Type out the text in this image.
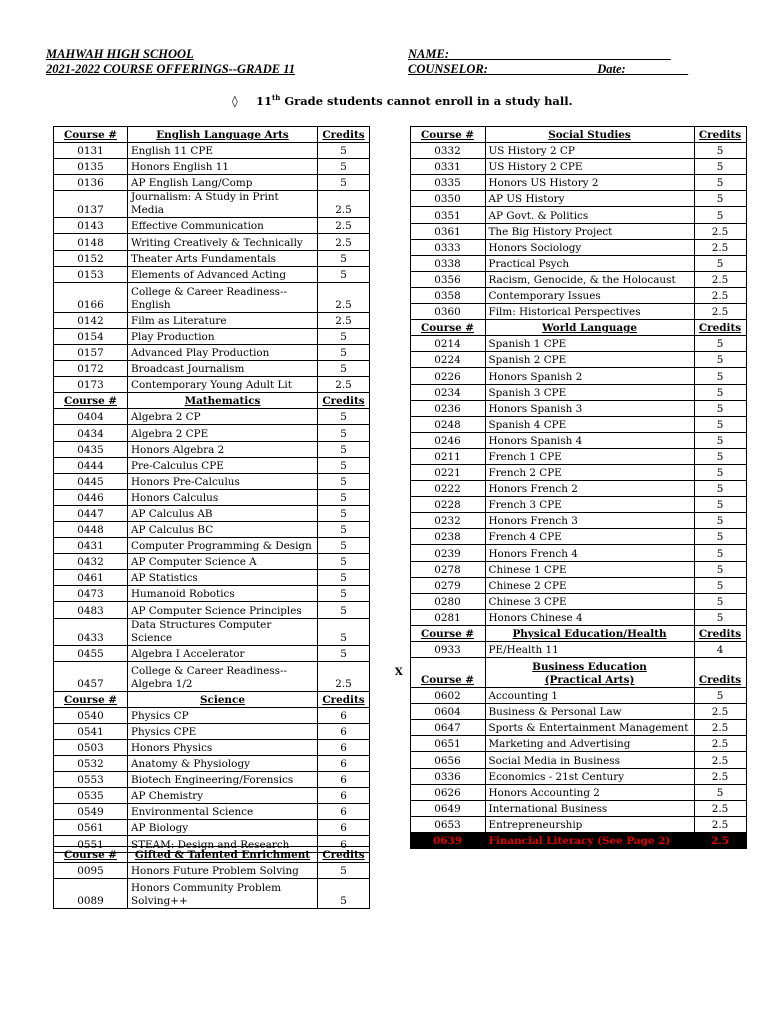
MAHWAH HIGH SCHOOL
2021-2022 COURSE OFFERINGS--GRADE 11
NAME: ___________________________________
COUNSELOR: _________________Date:__________
◊ 11th Grade students cannot enroll in a study hall.
Course #	English Language Arts	Credits
0131	English 11 CPE	5
0135	Honors English 11	5
0136	AP English Lang/Comp	5
0137	Journalism: A Study in Print Media	2.5
0143	Effective Communication	2.5
0148	Writing Creatively & Technically	2.5
0152	Theater Arts Fundamentals	5
0153	Elements of Advanced Acting	5
0166	College & Career Readiness--
English	2.5
0142	Film as Literature	2.5
0154	Play Production	5
0157	Advanced Play Production	5
0172	Broadcast Journalism	5
0173	Contemporary Young Adult Lit	2.5
Course #	Mathematics	Credits
0404	Algebra 2 CP	5
0434	Algebra 2 CPE	5
0435	Honors Algebra 2	5
0444	Pre-Calculus CPE	5
0445	Honors Pre-Calculus	5
0446	Honors Calculus	5
0447	AP Calculus AB	5
0448	AP Calculus BC	5
0431	Computer Programming & Design	5
0432	AP Computer Science A	5
0461	AP Statistics	5
0473	Humanoid Robotics	5
0483	AP Computer Science Principles	5
0433	Data Structures Computer Science	5
0455	Algebra I Accelerator	5
0457	College & Career Readiness--
Algebra 1/2	2.5
Course #	Science	Credits
0540	Physics CP	6
0541	Physics CPE	6
0503	Honors Physics	6
0532	Anatomy & Physiology	6
0553	Biotech Engineering/Forensics	6
0535	AP Chemistry	6
0549	Environmental Science	6
0561	AP Biology	6
0551	STEAM: Design and Research	6
	Course #	Social Studies	Credits
	0332	US History 2 CP	5
	0331	US History 2 CPE	5
	0335	Honors US History 2	5
	0350	AP US History	5
	0351	AP Govt. & Politics	5
	0361	The Big History Project	2.5
	0333	Honors Sociology	2.5
	0338	Practical Psych	5
	0356	Racism, Genocide, & the Holocaust	2.5
	0358	Contemporary Issues	2.5
	0360	Film: Historical Perspectives	2.5
	Course #	World Language	Credits
	0214	Spanish 1 CPE	5
	0224	Spanish 2 CPE	5
	0226	Honors Spanish 2	5
	0234	Spanish 3 CPE	5
	0236	Honors Spanish 3	5
	0248	Spanish 4 CPE	5
	0246	Honors Spanish 4	5
	0211	French 1 CPE	5
	0221	French 2 CPE	5
	0222	Honors French 2	5
	0228	French 3 CPE	5
	0232	Honors French 3	5
	0238	French 4 CPE	5
	0239	Honors French 4	5
	0278	Chinese 1 CPE	5
	0279	Chinese 2 CPE	5
	0280	Chinese 3 CPE	5
	0281	Honors Chinese 4	5
	Course #	Physical Education/Health	Credits
	0933	PE/Health 11	4
X	Course #	Business Education
(Practical Arts)	Credits
	0602	Accounting 1	5
	0604	Business & Personal Law	2.5
	0647	Sports & Entertainment Management	2.5
	0651	Marketing and Advertising	2.5
	0656	Social Media in Business	2.5
	0336	Economics - 21st Century	2.5
	0626	Honors Accounting 2	5
	0649	International Business	2.5
	0653	Entrepreneurship	2.5
	0639	Financial Literacy (See Page 2)	2.5
Course #	Gifted & Talented Enrichment	Credits
0095	Honors Future Problem Solving	5
0089	Honors Community Problem
Solving++	5
